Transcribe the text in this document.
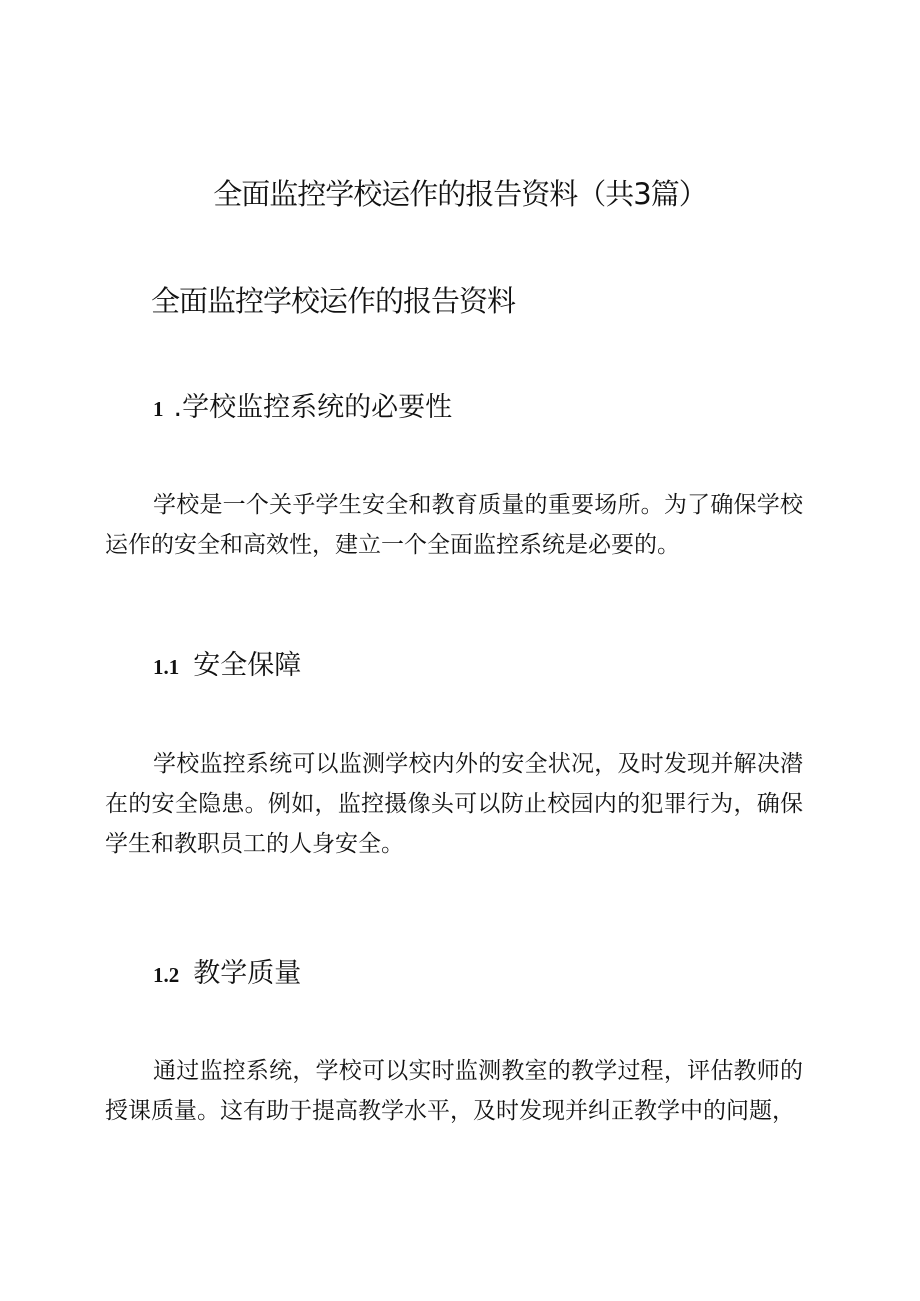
全面监控学校运作的报告资料（共3篇）
全面监控学校运作的报告资料
1 .学校监控系统的必要性

学校是一个关乎学生安全和教育质量的重要场所。为了确保学校运作的安全和高效性，建立一个全面监控系统是必要的。

1.1 安全保障

学校监控系统可以监测学校内外的安全状况，及时发现并解决潜在的安全隐患。例如，监控摄像头可以防止校园内的犯罪行为，确保学生和教职员工的人身安全。

1.2 教学质量

通过监控系统，学校可以实时监测教室的教学过程，评估教师的授课质量。这有助于提高教学水平，及时发现并纠正教学中的问题，
